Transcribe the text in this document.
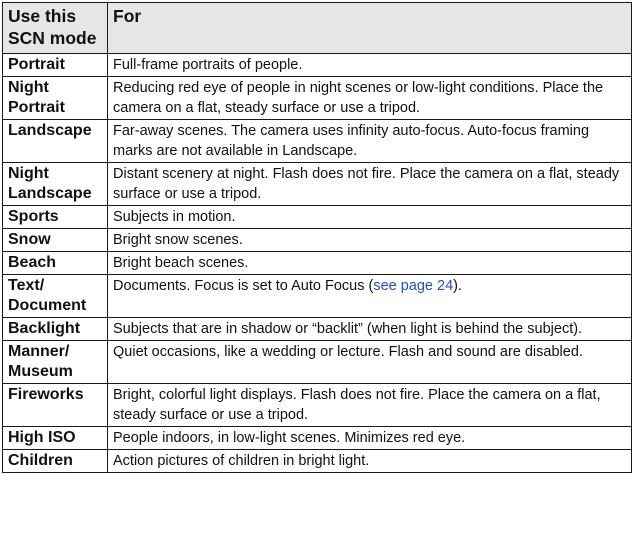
Use this SCN mode	For
Portrait	Full-frame portraits of people.
Night Portrait	Reducing red eye of people in night scenes or low-light conditions. Place the camera on a flat, steady surface or use a tripod.
Landscape	Far-away scenes. The camera uses infinity auto-focus. Auto-focus framing marks are not available in Landscape.
Night Landscape	Distant scenery at night. Flash does not fire. Place the camera on a flat, steady surface or use a tripod.
Sports	Subjects in motion.
Snow	Bright snow scenes.
Beach	Bright beach scenes.
Text/ Document	Documents. Focus is set to Auto Focus (see page 24).
Backlight	Subjects that are in shadow or “backlit” (when light is behind the subject).
Manner/ Museum	Quiet occasions, like a wedding or lecture. Flash and sound are disabled.
Fireworks	Bright, colorful light displays. Flash does not fire. Place the camera on a flat, steady surface or use a tripod.
High ISO	People indoors, in low-light scenes. Minimizes red eye.
Children	Action pictures of children in bright light.
